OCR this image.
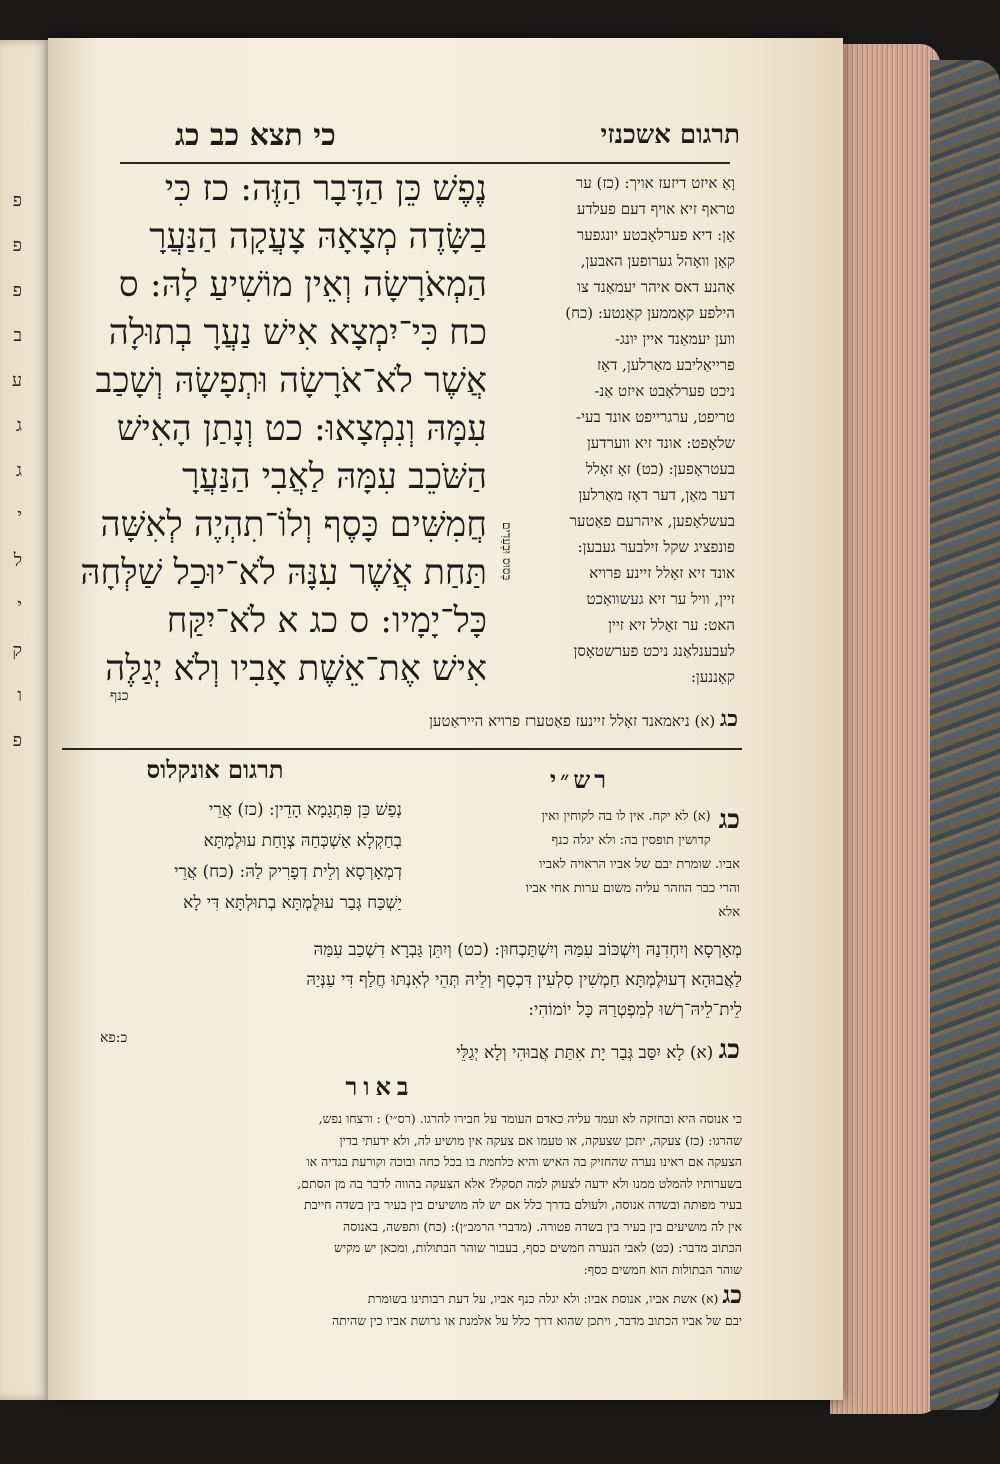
פ
פ
פ
ב
ע
ג
ג
י
ל
י
ק
ו
פ
כי תצא כב כג	תרגום אשכנזי

נֶפֶשׁ כֵּן הַדָּבָר הַזֶּה: כז כִּי

בַשָּׂדֶה מְצָאָהּ צָעֲקָה הַנַּעֲרָ

הַמְאֹרָשָׂה וְאֵין מוֹשִׁיעַ לָהּ: ס

כח כִּי־יִמְצָא אִישׁ נַעֲרָ בְתוּלָה

אֲשֶׁר לֹא־אֹרָשָׂה וּתְפָשָׂהּ וְשָׁכַב

עִמָּהּ וְנִמְצָאוּ: כט וְנָתַן הָאִישׁ

הַשֹּׁכֵב עִמָּהּ לַאֲבִי הַנַּעֲרָ

חֲמִשִּׁים כָּסֶף וְלוֹ־תִהְיֶה לְאִשָּׁה

תַּחַת אֲשֶׁר עִנָּהּ לֹא־יוּכַל שַׁלְּחָהּ

כָּל־יָמָיו: ס כג א לֹא־יִקַּח

אִישׁ אֶת־אֵשֶׁת אָבִיו וְלֹא יְגַלֶּה

כנף
בְּסוּס וּבְעֵדִים

וָאַ איזט דיזעז אויך: (כז) ער

טראף זיא אויף דעם פעלדע

אָן: דיא פערלאָבטע יונגפער

קאָן וואָהל גערופען האבען,

אָהנע דאס איהר יעמאַנד צו

הילפע קאָממען קאָנטע: (כח)

ווען יעמאַנד איין יונג-

פרייאַליבע מאַרלען, דאָז

ניכט פערלאָבט איזט אַנ-

טריפט, ערגרייפט אונד בעי-

שלאָפט: אונד זיא ווערדען

בעטראָפען: (כט) זאָ זאָלל

דער מאַן, דער דאָז מאַרלען

בעשלאָפען, איהרעם פאַטער

פונפציג שקל זילבער געבען:

אונד זיא זאָלל זיינע פרויא

זיין, וויל ער זיא געשוואַכט

האט: ער זאָלל זיא זיין

לעבענלאַנג ניכט פערשטאָסן

קאָננען:

כג (א) ניאמאנד זאָלל זיינעז פאַטערז פרויא הייראַטען
תרגום אונקלוס	רש״י

נְפַשׁ כֵּן פִּתְגָמָא הָדֵין: (כז) אֲרֵי

בְחַקְלָא אַשְׁכְּחַהּ צְוָחַת עוּלֶמְתָּא

דְמְאָרְסָא וְלֵית דְפָרִיק לַהּ: (כח) אֲרֵי

יַשְׁכַּח גְּבַר עוּלֶמְתָּא בְתוּלְתָּא דִּי לָא

כג

(א) לא יקח. אין לו בה לקוחין ואין

קדושין תופסין בה: ולא יגלה כנף

אביו. שומרת יבם של אביו הראויה לאביו

והרי כבר הוזהר עליה משום ערות אחי אביו

אלא

מְאָרְסָא וְיִחְדִנַהּ וְיִשְׁכּוֹב עִמַּהּ וְיִשְׁתַּכְחוּן: (כט) וְיִתֵּן גַּבְרָא דִשְׁכַב עִמַּהּ

לַאֲבוּהָא דְעוּלֶמְתָּא חַמְשִׁין סִלְעִין דִּכְסַף וְלֵיהּ תְּהֵי לְאִנְתּוּ חֲלַף דִּי עַנְּיַהּ

לֵית־לֵיהּ־רְשׁוּ לְמִפְטְרַהּ כָּל יוֹמוֹהִי:

כ:פא	כג (א) לָא יִסַּב גְּבַר יָת אִתַּת אֲבוּהִי וְלָא יְגַלֵּי
באור

כי אנוסה היא ובחזקה לא ועמד עליה כאדם העומד על חבירו להרגו. (רס״י) : ורצחו נפש,

שהרגו: (כז) צעקה, יתכן שצעקה, או טעמו אם צעקה אין מושיע לה, ולא ידעתי בדין

הצעקה אם ראינו נערה שהחזיק בה האיש והיא כלחמת בו בכל כחה ובוכה וקורעת בגדיה או

בשערותיו להמלט ממנו ולא ידעה לצעוק למה תסקל? אלא הצעקה בהווה לדבר בה מן הסתם,

בעיר מפותה ובשדה אנוסה, ולעולם בדרך כלל אם יש לה מושיעים בין בעיר בין בשדה חייבת

אין לה מושיעים בין בעיר בין בשדה פטורה. (מדברי הרמב״ן): (כח) ותפשה, באנוסה

הכתוב מדבר: (כט) לאבי הנערה חמשים כסף, בעבור שוהר הבתולות, ומכאן יש מקיש

שוהר הבתולות הוא חמשים כסף:

כג (א) אשת אביו, אנוסת אביו: ולא יגלה כנף אביו, על דעת רבותינו בשומרת

יבם של אביו הכתוב מדבר, ויתכן שהוא דרך כלל על אלמנת או גרושת אביו כין שהיתה
